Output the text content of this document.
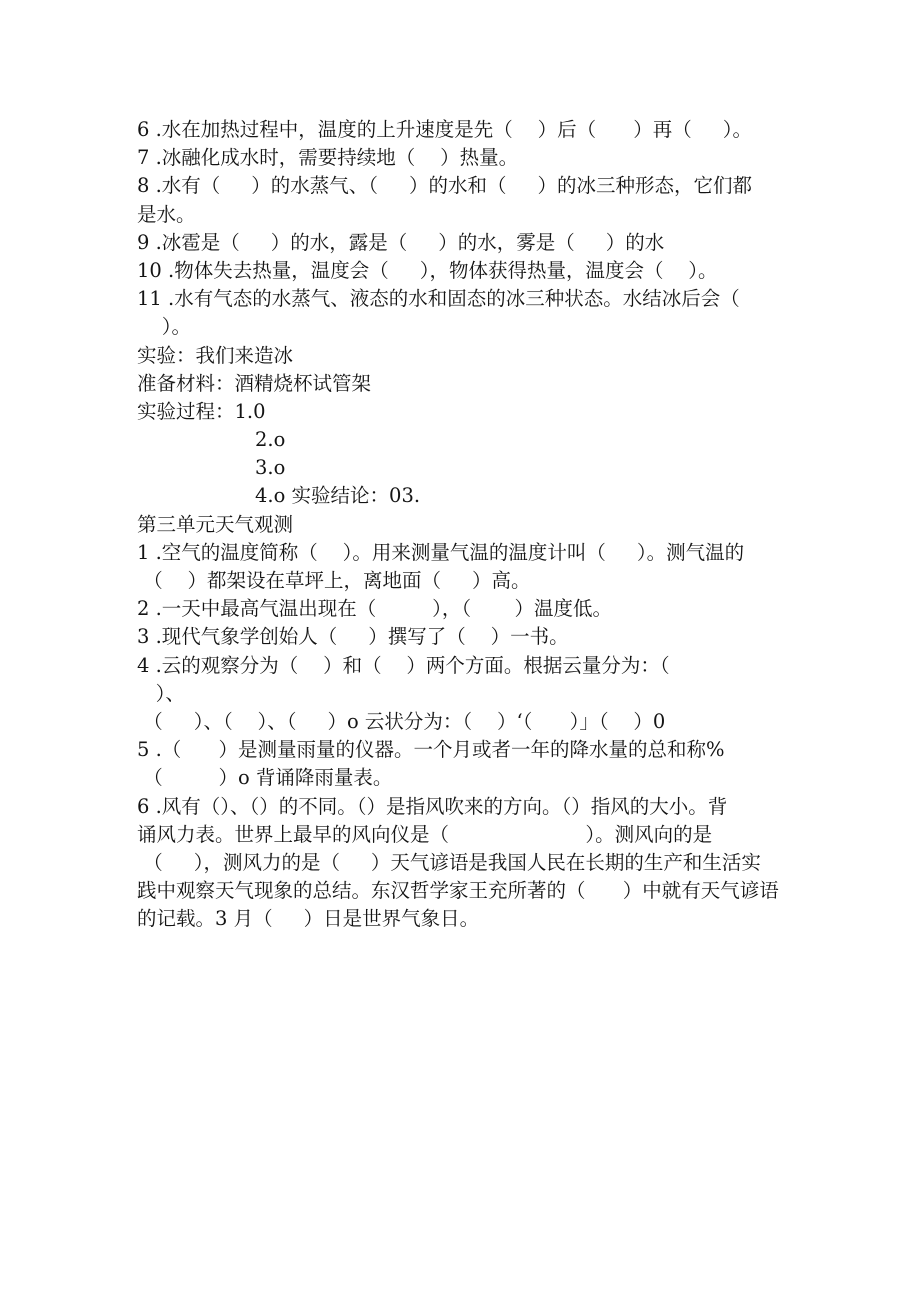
6 .水在加热过程中，温度的上升速度是先（    ）后（      ）再（     ）。
7 .冰融化成水时，需要持续地（    ）热量。
8 .水有（     ）的水蒸气、（     ）的水和（     ）的冰三种形态，它们都
是水。
9 .冰雹是（     ）的水，露是（     ）的水，雾是（     ）的水
10 .物体失去热量，温度会（     ），物体获得热量，温度会（    ）。
11 .水有气态的水蒸气、液态的水和固态的冰三种状态。水结冰后会（
）。
实验：我们来造冰
准备材料：酒精烧杯试管架
实验过程：1.0
2.o
3.o
4.o 实验结论：03.
第三单元天气观测
1 .空气的温度简称（    ）。用来测量气温的温度计叫（     ）。测气温的
（    ）都架设在草坪上，离地面（     ）高。
2 .一天中最高气温出现在（         ），（       ）温度低。
3 .现代气象学创始人（     ）撰写了（    ）一书。
4 .云的观察分为（    ）和（    ）两个方面。根据云量分为：（
）、
（     ）、（    ）、（     ）o 云状分为：（    ）‘（      ）」（    ）0
5 .（      ）是测量雨量的仪器。一个月或者一年的降水量的总和称%
（         ）o 背诵降雨量表。
6 .风有（）、（）的不同。（）是指风吹来的方向。（）指风的大小。背
诵风力表。世界上最早的风向仪是（                      ）。测风向的是
（     ），测风力的是（     ）天气谚语是我国人民在长期的生产和生活实
践中观察天气现象的总结。东汉哲学家王充所著的（      ）中就有天气谚语
的记载。3 月（     ）日是世界气象日。
